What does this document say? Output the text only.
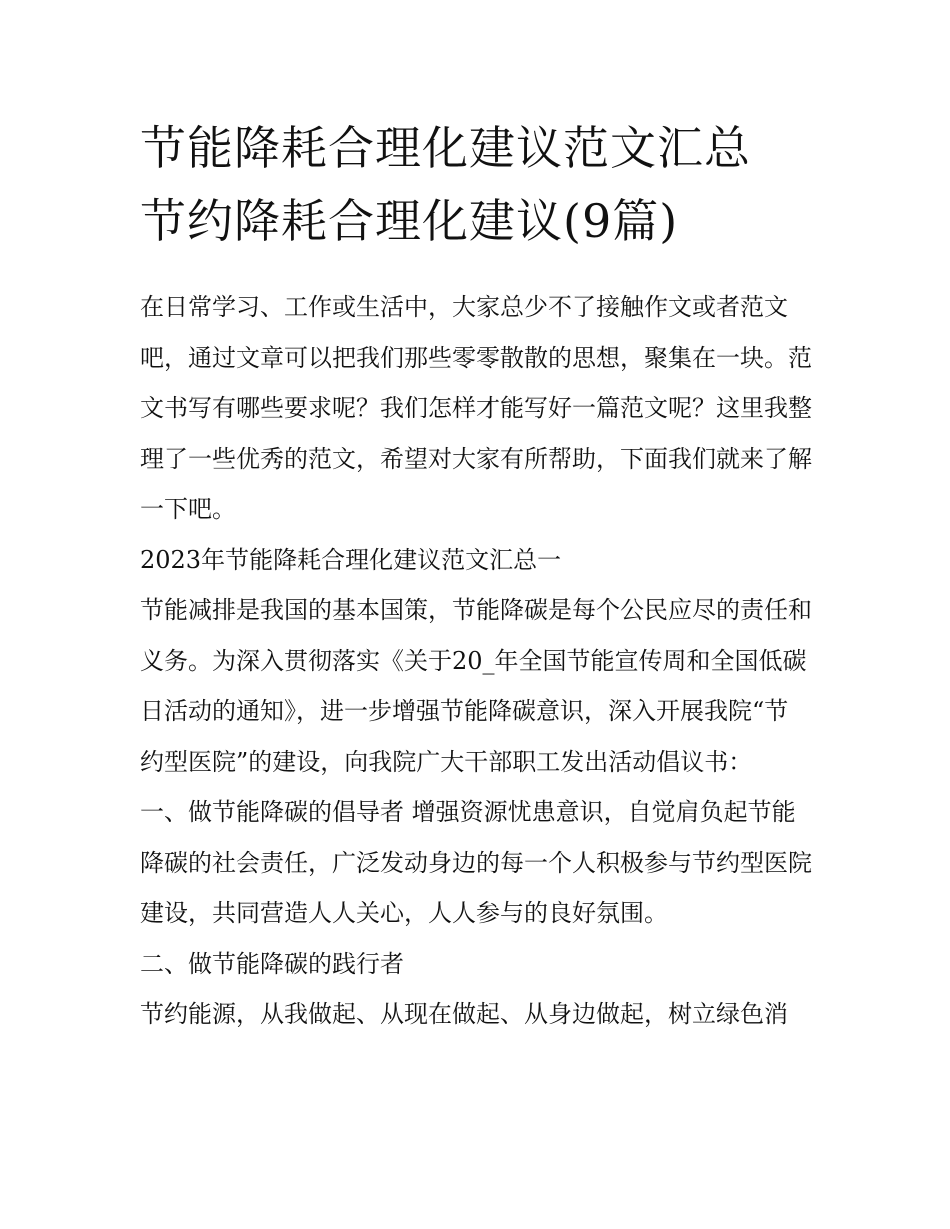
节能降耗合理化建议范文汇总
节约降耗合理化建议(9篇)

在日常学习、工作或生活中，大家总少不了接触作文或者范文吧，通过文章可以把我们那些零零散散的思想，聚集在一块。范文书写有哪些要求呢？我们怎样才能写好一篇范文呢？这里我整理了一些优秀的范文，希望对大家有所帮助，下面我们就来了解一下吧。

2023年节能降耗合理化建议范文汇总一

节能减排是我国的基本国策，节能降碳是每个公民应尽的责任和义务。为深入贯彻落实《关于20_年全国节能宣传周和全国低碳日活动的通知》，进一步增强节能降碳意识，深入开展我院“节约型医院”的建设，向我院广大干部职工发出活动倡议书：

一、做节能降碳的倡导者 增强资源忧患意识，自觉肩负起节能降碳的社会责任，广泛发动身边的每一个人积极参与节约型医院建设，共同营造人人关心，人人参与的良好氛围。

二、做节能降碳的践行者

节约能源，从我做起、从现在做起、从身边做起，树立绿色消
